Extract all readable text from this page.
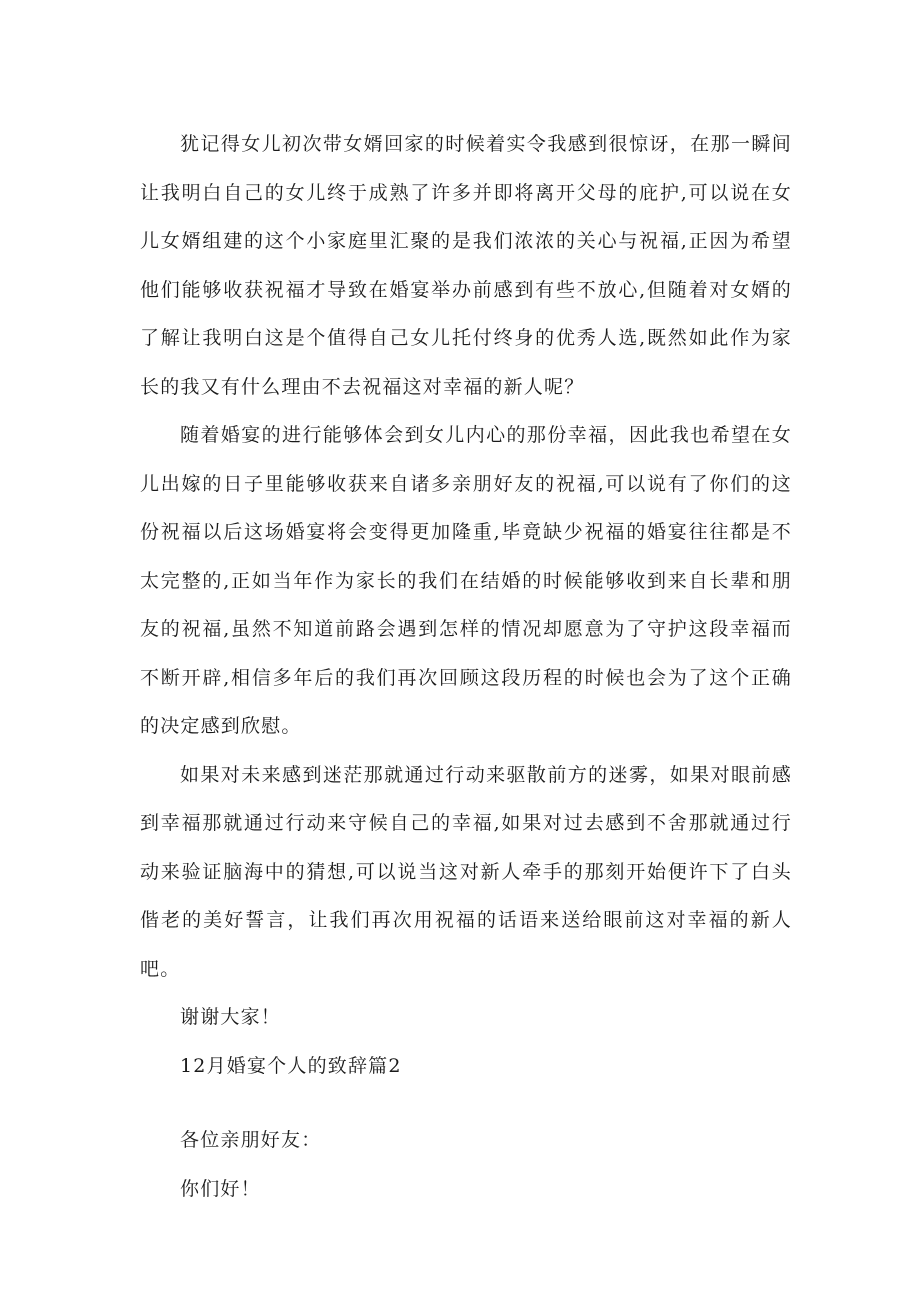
犹记得女儿初次带女婿回家的时候着实令我感到很惊讶，在那一瞬间让我明白自己的女儿终于成熟了许多并即将离开父母的庇护,可以说在女儿女婿组建的这个小家庭里汇聚的是我们浓浓的关心与祝福,正因为希望他们能够收获祝福才导致在婚宴举办前感到有些不放心,但随着对女婿的了解让我明白这是个值得自己女儿托付终身的优秀人选,既然如此作为家长的我又有什么理由不去祝福这对幸福的新人呢？

随着婚宴的进行能够体会到女儿内心的那份幸福，因此我也希望在女儿出嫁的日子里能够收获来自诸多亲朋好友的祝福,可以说有了你们的这份祝福以后这场婚宴将会变得更加隆重,毕竟缺少祝福的婚宴往往都是不太完整的,正如当年作为家长的我们在结婚的时候能够收到来自长辈和朋友的祝福,虽然不知道前路会遇到怎样的情况却愿意为了守护这段幸福而不断开辟,相信多年后的我们再次回顾这段历程的时候也会为了这个正确的决定感到欣慰。

如果对未来感到迷茫那就通过行动来驱散前方的迷雾，如果对眼前感到幸福那就通过行动来守候自己的幸福,如果对过去感到不舍那就通过行动来验证脑海中的猜想,可以说当这对新人牵手的那刻开始便许下了白头偕老的美好誓言，让我们再次用祝福的话语来送给眼前这对幸福的新人吧。

谢谢大家！

12月婚宴个人的致辞篇2

各位亲朋好友：

你们好！
